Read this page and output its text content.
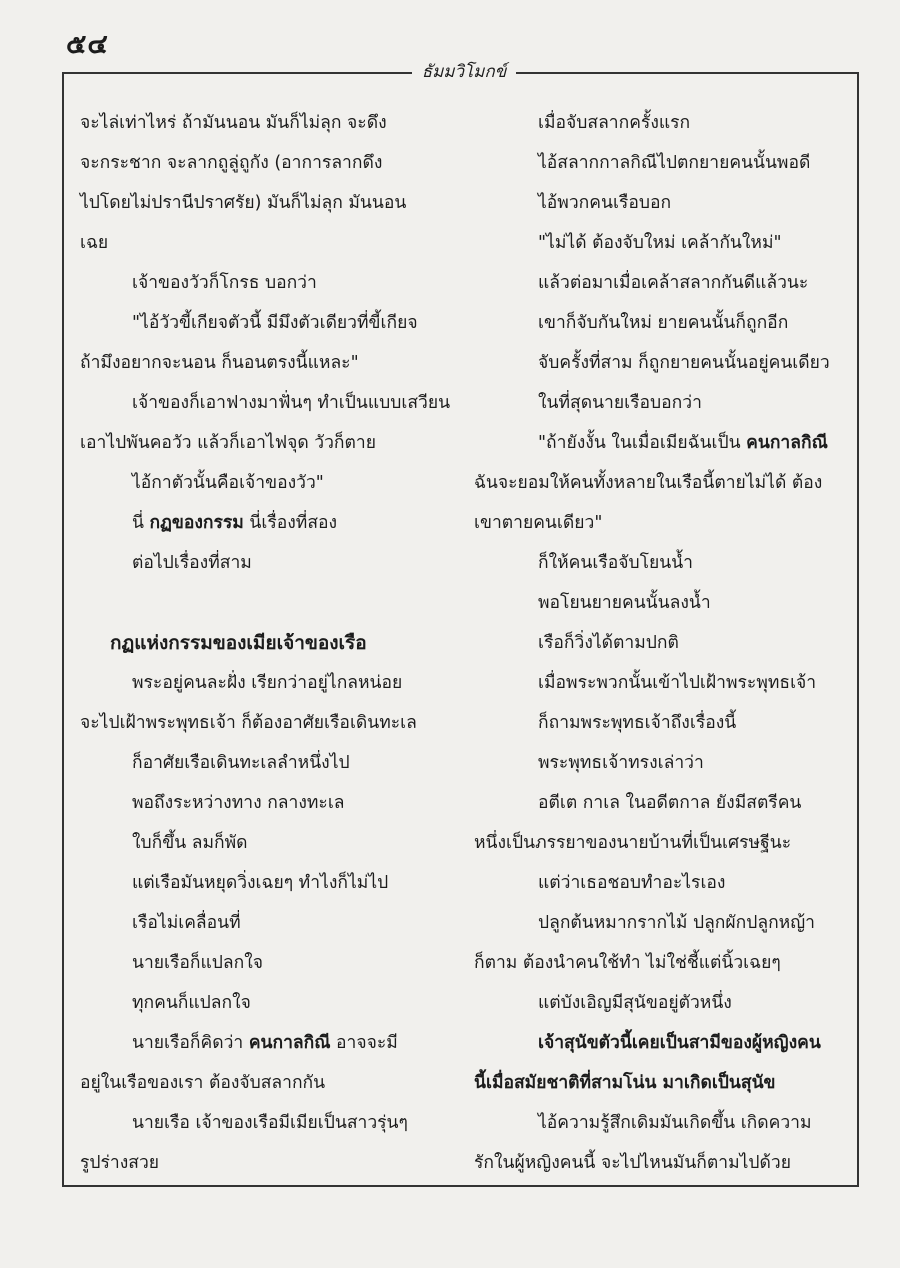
๕๔
ธัมมวิโมกข์
จะไล่เท่าไหร่ ถ้ามันนอน มันก็ไม่ลุก จะดึง
จะกระชาก จะลากถูลู่ถูกัง (อาการลากดึง
ไปโดยไม่ปรานีปราศรัย) มันก็ไม่ลุก มันนอน
เฉย
เจ้าของวัวก็โกรธ บอกว่า
"ไอ้วัวขี้เกียจตัวนี้ มีมึงตัวเดียวที่ขี้เกียจ
ถ้ามึงอยากจะนอน ก็นอนตรงนี้แหละ"
เจ้าของก็เอาฟางมาฟั่นๆ ทำเป็นแบบเสวียน
เอาไปพันคอวัว แล้วก็เอาไฟจุด วัวก็ตาย
ไอ้กาตัวนั้นคือเจ้าของวัว"
นี่ กฏของกรรม นี่เรื่องที่สอง
ต่อไปเรื่องที่สาม
กฏแห่งกรรมของเมียเจ้าของเรือ
พระอยู่คนละฝั่ง เรียกว่าอยู่ไกลหน่อย
จะไปเฝ้าพระพุทธเจ้า ก็ต้องอาศัยเรือเดินทะเล
ก็อาศัยเรือเดินทะเลลำหนึ่งไป
พอถึงระหว่างทาง กลางทะเล
ใบก็ขึ้น ลมก็พัด
แต่เรือมันหยุดวิ่งเฉยๆ ทำไงก็ไม่ไป
เรือไม่เคลื่อนที่
นายเรือก็แปลกใจ
ทุกคนก็แปลกใจ
นายเรือก็คิดว่า คนกาลกิณี อาจจะมี
อยู่ในเรือของเรา ต้องจับสลากกัน
นายเรือ เจ้าของเรือมีเมียเป็นสาวรุ่นๆ
รูปร่างสวย
เมื่อจับสลากครั้งแรก
ไอ้สลากกาลกิณีไปตกยายคนนั้นพอดี
ไอ้พวกคนเรือบอก
"ไม่ได้ ต้องจับใหม่ เคล้ากันใหม่"
แล้วต่อมาเมื่อเคล้าสลากกันดีแล้วนะ
เขาก็จับกันใหม่ ยายคนนั้นก็ถูกอีก
จับครั้งที่สาม ก็ถูกยายคนนั้นอยู่คนเดียว
ในที่สุดนายเรือบอกว่า
"ถ้ายังงั้น ในเมื่อเมียฉันเป็น คนกาลกิณี
ฉันจะยอมให้คนทั้งหลายในเรือนี้ตายไม่ได้ ต้อง
เขาตายคนเดียว"
ก็ให้คนเรือจับโยนน้ำ
พอโยนยายคนนั้นลงน้ำ
เรือก็วิ่งได้ตามปกติ
เมื่อพระพวกนั้นเข้าไปเฝ้าพระพุทธเจ้า
ก็ถามพระพุทธเจ้าถึงเรื่องนี้
พระพุทธเจ้าทรงเล่าว่า
อตีเต กาเล ในอดีตกาล ยังมีสตรีคน
หนึ่งเป็นภรรยาของนายบ้านที่เป็นเศรษฐีนะ
แต่ว่าเธอชอบทำอะไรเอง
ปลูกต้นหมากรากไม้ ปลูกผักปลูกหญ้า
ก็ตาม ต้องนำคนใช้ทำ ไม่ใช่ชี้แต่นิ้วเฉยๆ
แต่บังเอิญมีสุนัขอยู่ตัวหนึ่ง
เจ้าสุนัขตัวนี้เคยเป็นสามีของผู้หญิงคน
นี้เมื่อสมัยชาติที่สามโน่น มาเกิดเป็นสุนัข
ไอ้ความรู้สึกเดิมมันเกิดขึ้น เกิดความ
รักในผู้หญิงคนนี้ จะไปไหนมันก็ตามไปด้วย
